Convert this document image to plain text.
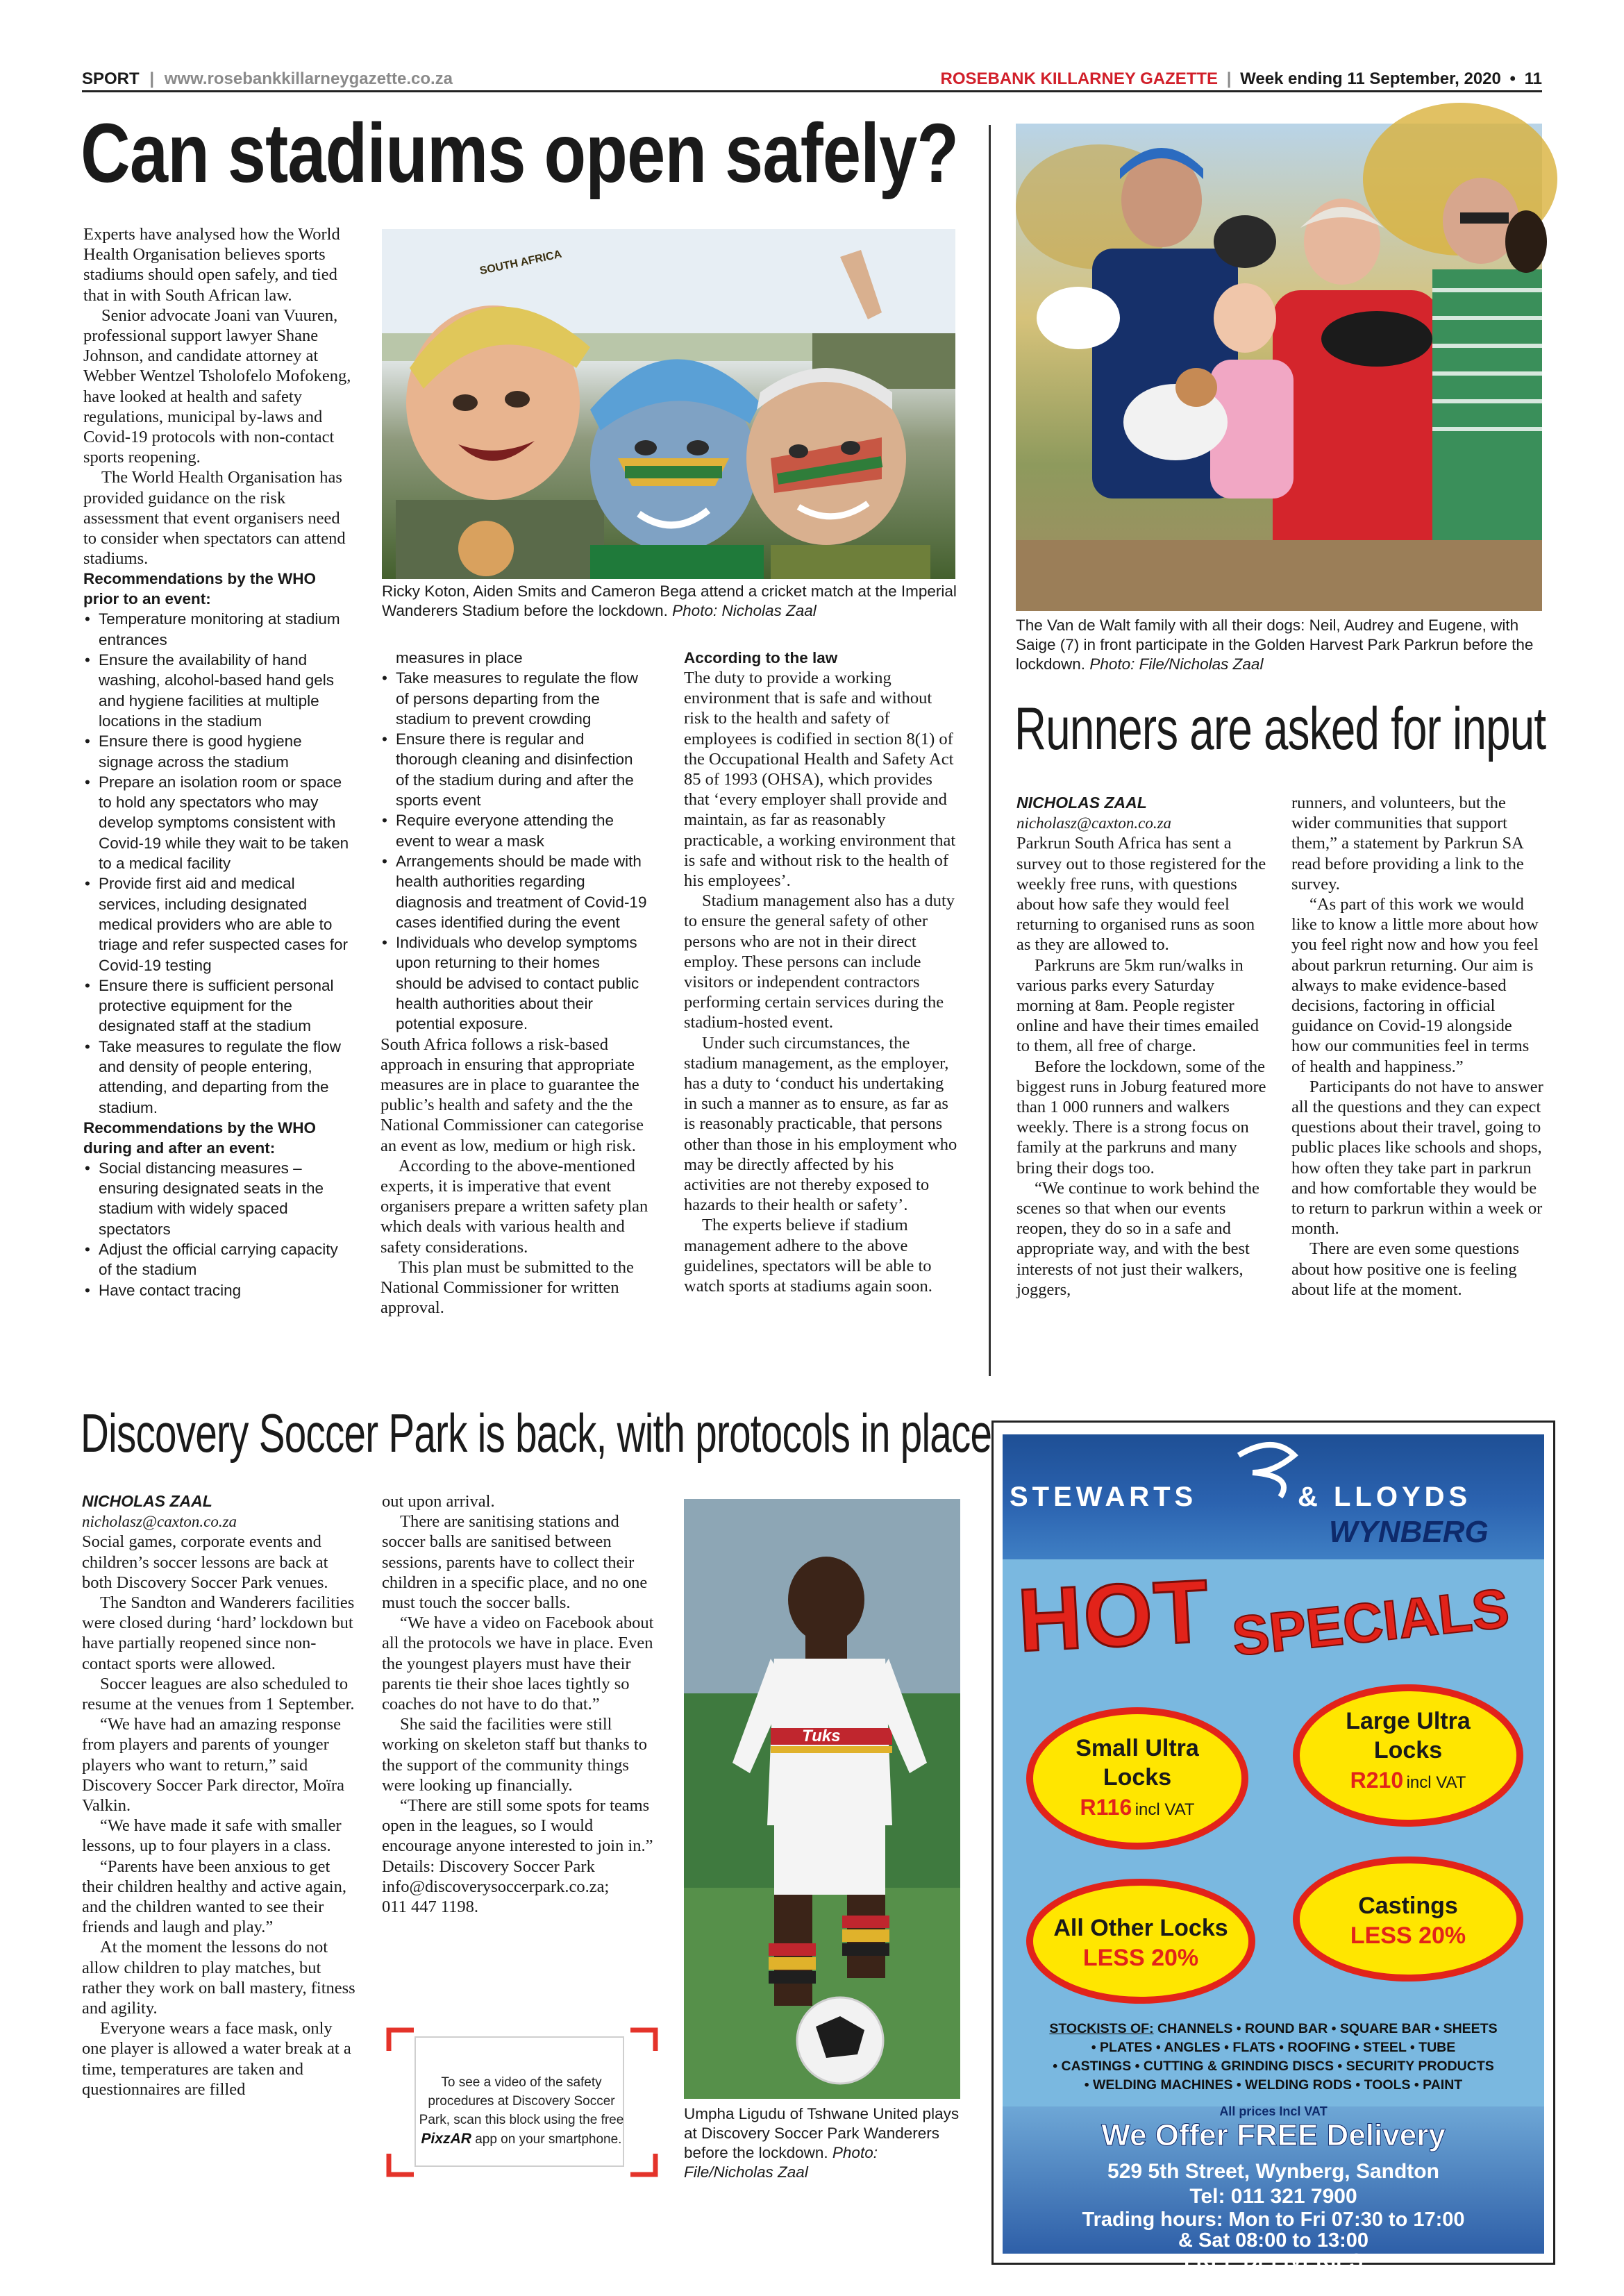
SPORT | www.rosebankkillarneygazette.co.za	ROSEBANK KILLARNEY GAZETTE | Week ending 11 September, 2020 • 11
Can stadiums open safely?
SOUTH AFRICA
Ricky Koton, Aiden Smits and Cameron Bega attend a cricket match at the Imperial Wanderers Stadium before the lockdown. Photo: Nicholas Zaal

Experts have analysed how the World Health Organisation believes sports stadiums should open safely, and tied that in with South African law.

Senior advocate Joani van Vuuren, professional support lawyer Shane Johnson, and candidate attorney at Webber Wentzel Tsholofelo Mofokeng, have looked at health and safety regulations, municipal by-laws and Covid-19 protocols with non-contact sports reopening.

The World Health Organisation has provided guidance on the risk assessment that event organisers need to consider when spectators can attend stadiums.

Recommendations by the WHO prior to an event:

• Temperature monitoring at stadium entrances
• Ensure the availability of hand washing, alcohol-based hand gels and hygiene facilities at multiple locations in the stadium
• Ensure there is good hygiene signage across the stadium
• Prepare an isolation room or space to hold any spectators who may develop symptoms consistent with Covid-19 while they wait to be taken to a medical facility
• Provide first aid and medical services, including designated medical providers who are able to triage and refer suspected cases for Covid-19 testing
• Ensure there is sufficient personal protective equipment for the designated staff at the stadium
• Take measures to regulate the flow and density of people entering, attending, and departing from the stadium.

Recommendations by the WHO during and after an event:

• Social distancing measures – ensuring designated seats in the stadium with widely spaced spectators
• Adjust the official carrying capacity of the stadium
• Have contact tracing
measures in place
• Take measures to regulate the flow of persons departing from the stadium to prevent crowding
• Ensure there is regular and thorough cleaning and disinfection of the stadium during and after the sports event
• Require everyone attending the event to wear a mask
• Arrangements should be made with health authorities regarding diagnosis and treatment of Covid-19 cases identified during the event
• Individuals who develop symptoms upon returning to their homes should be advised to contact public health authorities about their potential exposure.

South Africa follows a risk-based approach in ensuring that appropriate measures are in place to guarantee the public’s health and safety and the the National Commissioner can categorise an event as low, medium or high risk.

According to the above-mentioned experts, it is imperative that event organisers prepare a written safety plan which deals with various health and safety considerations.

This plan must be submitted to the National Commissioner for written approval.

According to the law

The duty to provide a working environment that is safe and without risk to the health and safety of employees is codified in section 8(1) of the Occupational Health and Safety Act 85 of 1993 (OHSA), which provides that ‘every employer shall provide and maintain, as far as reasonably practicable, a working environment that is safe and without risk to the health of his employees’.

Stadium management also has a duty to ensure the general safety of other persons who are not in their direct employ. These persons can include visitors or independent contractors performing certain services during the stadium-hosted event.

Under such circumstances, the stadium management, as the employer, has a duty to ‘conduct his undertaking in such a manner as to ensure, as far as is reasonably practicable, that persons other than those in his employment who may be directly affected by his activities are not thereby exposed to hazards to their health or safety’.

The experts believe if stadium management adhere to the above guidelines, spectators will be able to watch sports at stadiums again soon.

The Van de Walt family with all their dogs: Neil, Audrey and Eugene, with Saige (7) in front participate in the Golden Harvest Park Parkrun before the lockdown. Photo: File/Nicholas Zaal
Runners are asked for input

NICHOLAS ZAAL

nicholasz@caxton.co.za

Parkrun South Africa has sent a survey out to those registered for the weekly free runs, with questions about how safe they would feel returning to organised runs as soon as they are allowed to.

Parkruns are 5km run/walks in various parks every Saturday morning at 8am. People register online and have their times emailed to them, all free of charge.

Before the lockdown, some of the biggest runs in Joburg featured more than 1 000 runners and walkers weekly. There is a strong focus on family at the parkruns and many bring their dogs too.

“We continue to work behind the scenes so that when our events reopen, they do so in a safe and appropriate way, and with the best interests of not just their walkers, joggers,

runners, and volunteers, but the wider communities that support them,” a statement by Parkrun SA read before providing a link to the survey.

“As part of this work we would like to know a little more about how you feel right now and how you feel about parkrun returning. Our aim is always to make evidence-based decisions, factoring in official guidance on Covid-19 alongside how our communities feel in terms of health and happiness.”

Participants do not have to answer all the questions and they can expect questions about their travel, going to public places like schools and shops, how often they take part in parkrun and how comfortable they would be to return to parkrun within a week or month.

There are even some questions about how positive one is feeling about life at the moment.

Discovery Soccer Park is back, with protocols in place

NICHOLAS ZAAL

nicholasz@caxton.co.za

Social games, corporate events and children’s soccer lessons are back at both Discovery Soccer Park venues.

The Sandton and Wanderers facilities were closed during ‘hard’ lockdown but have partially reopened since non-contact sports were allowed.

Soccer leagues are also scheduled to resume at the venues from 1 September.

“We have had an amazing response from players and parents of younger players who want to return,” said Discovery Soccer Park director, Moïra Valkin.

“We have made it safe with smaller lessons, up to four players in a class.

“Parents have been anxious to get their children healthy and active again, and the children wanted to see their friends and laugh and play.”

At the moment the lessons do not allow children to play matches, but rather they work on ball mastery, fitness and agility.

Everyone wears a face mask, only one player is allowed a water break at a time, temperatures are taken and questionnaires are filled

out upon arrival.

There are sanitising stations and soccer balls are sanitised between sessions, parents have to collect their children in a specific place, and no one must touch the soccer balls.

“We have a video on Facebook about all the protocols we have in place. Even the youngest players must have their parents tie their shoe laces tightly so coaches do not have to do that.”

She said the facilities were still working on skeleton staff but thanks to the support of the community things were looking up financially.

“There are still some spots for teams open in the leagues, so I would encourage anyone interested to join in.”

Details: Discovery Soccer Park

info@discoverysoccerpark.co.za;

011 447 1198.

To see a video of the safety procedures at Discovery Soccer Park, scan this block using the free PixzAR app on your smartphone.
Tuks
Umpha Ligudu of Tshwane United plays at Discovery Soccer Park Wanderers before the lockdown. Photo: File/Nicholas Zaal
STEWARTS	& LLOYDS
WYNBERG
HOT SPECIALS
Small Ultra Locks
R116 incl VAT
Large Ultra Locks
R210 incl VAT
All Other Locks
LESS 20%
Castings
LESS 20%
STOCKISTS OF: CHANNELS • ROUND BAR • SQUARE BAR • SHEETS
• PLATES • ANGLES • FLATS • ROOFING • STEEL • TUBE
• CASTINGS • CUTTING & GRINDING DISCS • SECURITY PRODUCTS
• WELDING MACHINES • WELDING RODS • TOOLS • PAINT
All prices Incl VAT
We Offer FREE Delivery
529 5th Street, Wynberg, Sandton
Tel: 011 321 7900
Trading hours: Mon to Fri 07:30 to 17:00
& Sat 08:00 to 13:00
FREE DELIVERIES
